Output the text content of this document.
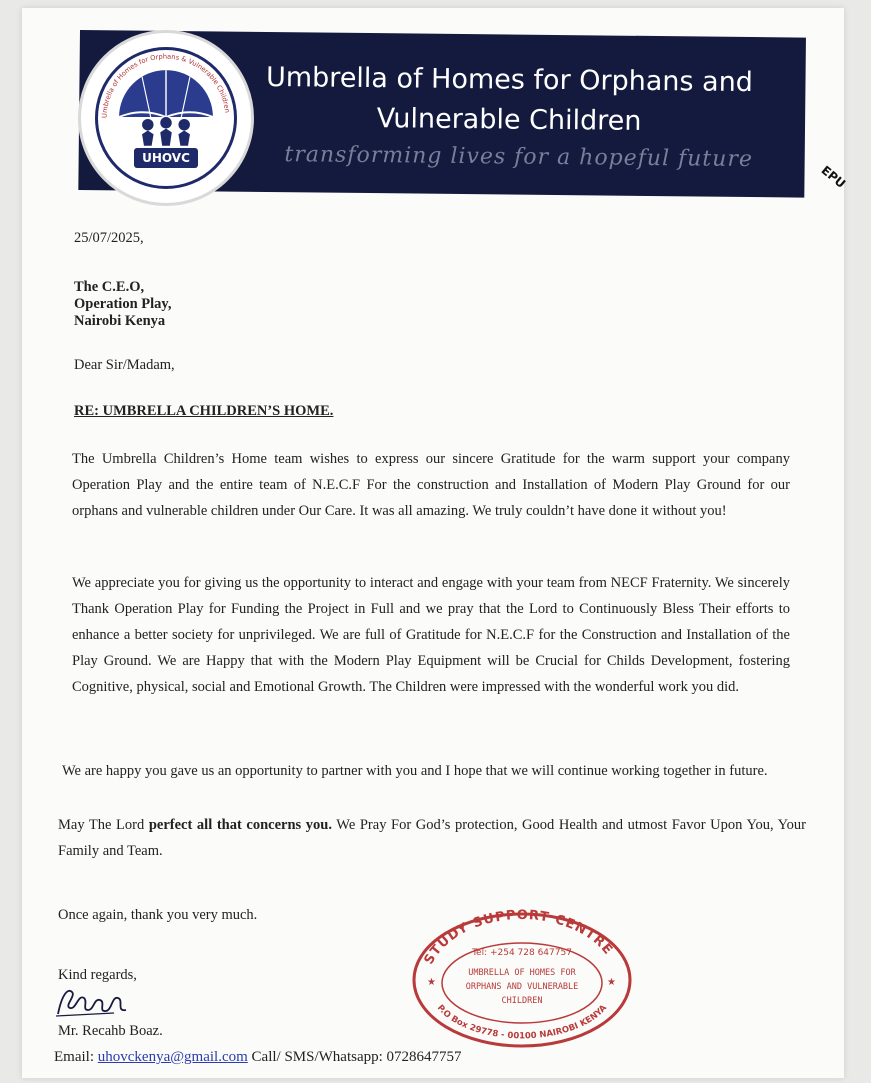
Umbrella of Homes for Orphans and
Vulnerable Children
transforming lives for a hopeful future
Umbrella of Homes for Orphans & Vulnerable Children
UHOVC
EPU
25/07/2025,
The C.E.O,
Operation Play,
Nairobi Kenya
Dear Sir/Madam,
RE: UMBRELLA CHILDREN’S HOME.
The Umbrella Children’s Home team wishes to express our sincere Gratitude for the warm support your company Operation Play and the entire team of N.E.C.F For the construction and Installation of Modern Play Ground for our orphans and vulnerable children under Our Care. It was all amazing. We truly couldn’t have done it without you!
We appreciate you for giving us the opportunity to interact and engage with your team from NECF Fraternity. We sincerely Thank Operation Play for Funding the Project in Full and we pray that the Lord to Continuously Bless Their efforts to enhance a better society for unprivileged. We are full of Gratitude for N.E.C.F for the Construction and Installation of the Play Ground. We are Happy that with the Modern Play Equipment will be Crucial for Childs Development, fostering Cognitive, physical, social and Emotional Growth. The Children were impressed with the wonderful work you did.
We are happy you gave us an opportunity to partner with you and I hope that we will continue working together in future.
May The Lord perfect all that concerns you. We Pray For God’s protection, Good Health and utmost Favor Upon You, Your Family and Team.
Once again, thank you very much.
Kind regards,
Mr. Recahb Boaz.
Email: uhovckenya@gmail.com Call/ SMS/Whatsapp: 0728647757
STUDY SUPPORT CENTRE
Tel: +254 728 647757
UMBRELLA OF HOMES FOR
ORPHANS AND VULNERABLE
CHILDREN
P.O Box 29778 - 00100 NAIROBI KENYA
★	★
